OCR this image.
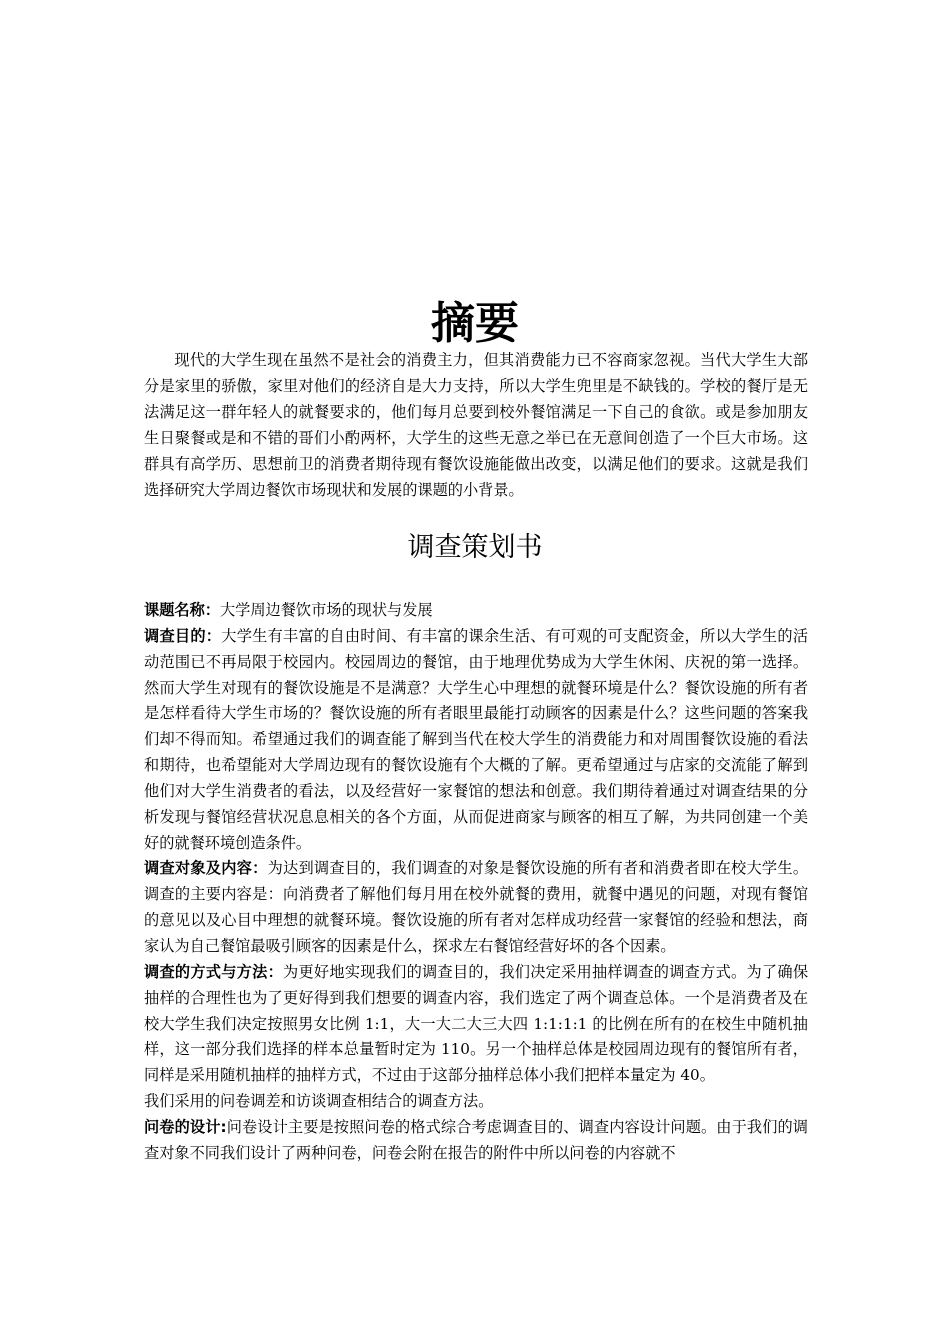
摘要

现代的大学生现在虽然不是社会的消费主力，但其消费能力已不容商家忽视。当代大学生大部分是家里的骄傲，家里对他们的经济自是大力支持，所以大学生兜里是不缺钱的。学校的餐厅是无法满足这一群年轻人的就餐要求的，他们每月总要到校外餐馆满足一下自己的食欲。或是参加朋友生日聚餐或是和不错的哥们小酌两杯，大学生的这些无意之举已在无意间创造了一个巨大市场。这群具有高学历、思想前卫的消费者期待现有餐饮设施能做出改变，以满足他们的要求。这就是我们选择研究大学周边餐饮市场现状和发展的课题的小背景。

调查策划书

课题名称：大学周边餐饮市场的现状与发展

调查目的：大学生有丰富的自由时间、有丰富的课余生活、有可观的可支配资金，所以大学生的活动范围已不再局限于校园内。校园周边的餐馆，由于地理优势成为大学生休闲、庆祝的第一选择。然而大学生对现有的餐饮设施是不是满意？大学生心中理想的就餐环境是什么？餐饮设施的所有者是怎样看待大学生市场的？餐饮设施的所有者眼里最能打动顾客的因素是什么？这些问题的答案我们却不得而知。希望通过我们的调查能了解到当代在校大学生的消费能力和对周围餐饮设施的看法和期待，也希望能对大学周边现有的餐饮设施有个大概的了解。更希望通过与店家的交流能了解到他们对大学生消费者的看法，以及经营好一家餐馆的想法和创意。我们期待着通过对调查结果的分析发现与餐馆经营状况息息相关的各个方面，从而促进商家与顾客的相互了解，为共同创建一个美好的就餐环境创造条件。

调查对象及内容：为达到调查目的，我们调查的对象是餐饮设施的所有者和消费者即在校大学生。调查的主要内容是：向消费者了解他们每月用在校外就餐的费用，就餐中遇见的问题，对现有餐馆的意见以及心目中理想的就餐环境。餐饮设施的所有者对怎样成功经营一家餐馆的经验和想法，商家认为自己餐馆最吸引顾客的因素是什么，探求左右餐馆经营好坏的各个因素。

调查的方式与方法：为更好地实现我们的调查目的，我们决定采用抽样调查的调查方式。为了确保抽样的合理性也为了更好得到我们想要的调查内容，我们选定了两个调查总体。一个是消费者及在校大学生我们决定按照男女比例 1:1，大一大二大三大四 1:1:1:1 的比例在所有的在校生中随机抽样，这一部分我们选择的样本总量暂时定为 110。另一个抽样总体是校园周边现有的餐馆所有者，同样是采用随机抽样的抽样方式，不过由于这部分抽样总体小我们把样本量定为 40。

我们采用的问卷调差和访谈调查相结合的调查方法。

问卷的设计:问卷设计主要是按照问卷的格式综合考虑调查目的、调查内容设计问题。由于我们的调查对象不同我们设计了两种问卷，问卷会附在报告的附件中所以问卷的内容就不
